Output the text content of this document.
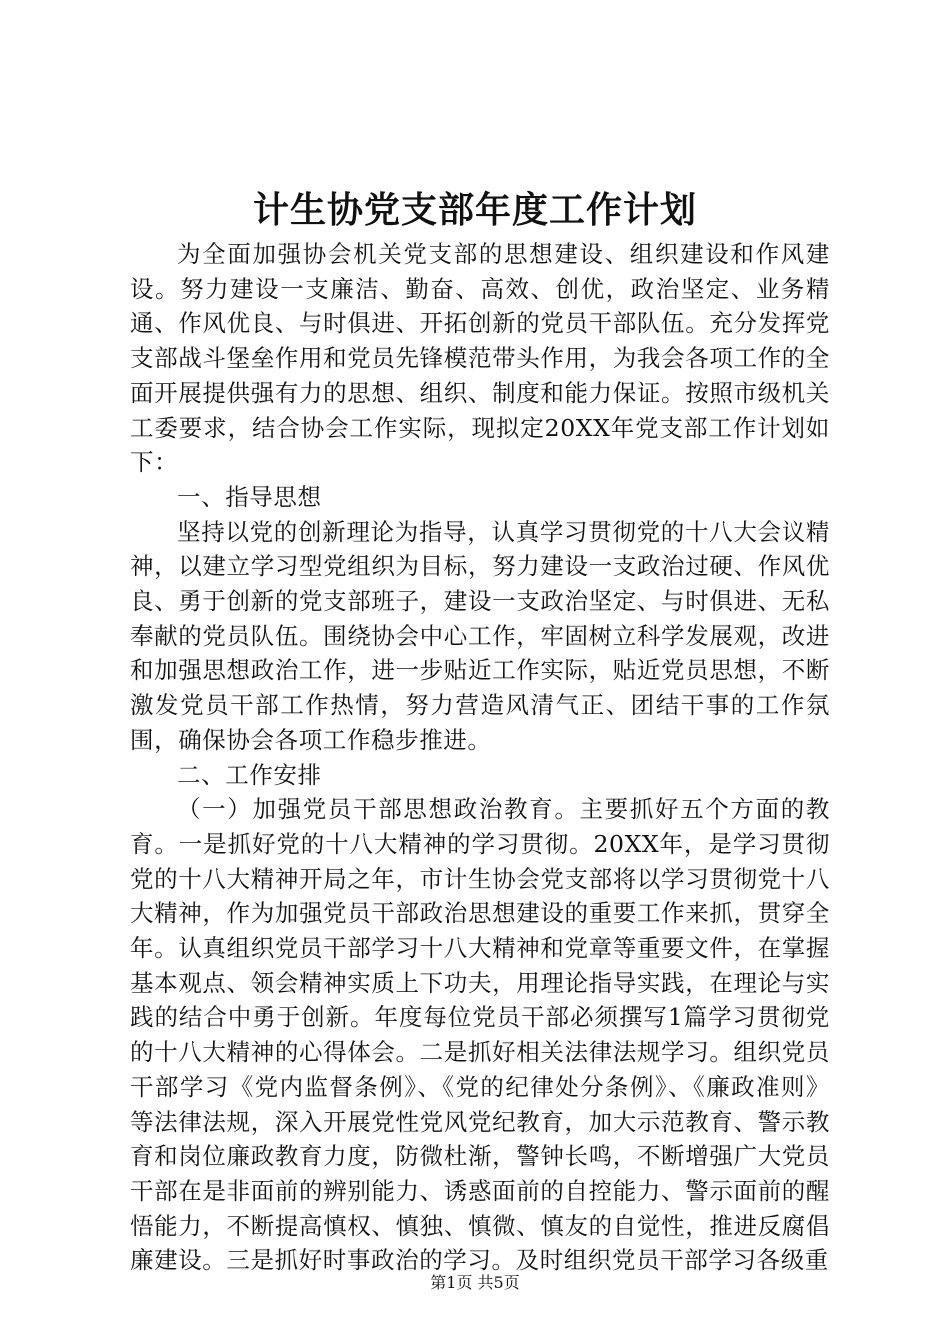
计生协党支部年度工作计划

为全面加强协会机关党支部的思想建设、组织建设和作风建设。努力建设一支廉洁、勤奋、高效、创优，政治坚定、业务精通、作风优良、与时俱进、开拓创新的党员干部队伍。充分发挥党支部战斗堡垒作用和党员先锋模范带头作用，为我会各项工作的全面开展提供强有力的思想、组织、制度和能力保证。按照市级机关工委要求，结合协会工作实际，现拟定20XX年党支部工作计划如下：

一、指导思想

坚持以党的创新理论为指导，认真学习贯彻党的十八大会议精神，以建立学习型党组织为目标，努力建设一支政治过硬、作风优良、勇于创新的党支部班子，建设一支政治坚定、与时俱进、无私奉献的党员队伍。围绕协会中心工作，牢固树立科学发展观，改进和加强思想政治工作，进一步贴近工作实际，贴近党员思想，不断激发党员干部工作热情，努力营造风清气正、团结干事的工作氛围，确保协会各项工作稳步推进。

二、工作安排

（一）加强党员干部思想政治教育。主要抓好五个方面的教育。一是抓好党的十八大精神的学习贯彻。20XX年，是学习贯彻党的十八大精神开局之年，市计生协会党支部将以学习贯彻党十八大精神，作为加强党员干部政治思想建设的重要工作来抓，贯穿全年。认真组织党员干部学习十八大精神和党章等重要文件，在掌握基本观点、领会精神实质上下功夫，用理论指导实践，在理论与实践的结合中勇于创新。年度每位党员干部必须撰写1篇学习贯彻党的十八大精神的心得体会。二是抓好相关法律法规学习。组织党员干部学习《党内监督条例》、《党的纪律处分条例》、《廉政准则》等法律法规，深入开展党性党风党纪教育，加大示范教育、警示教育和岗位廉政教育力度，防微杜渐，警钟长鸣，不断增强广大党员干部在是非面前的辨别能力、诱惑面前的自控能力、警示面前的醒悟能力，不断提高慎权、慎独、慎微、慎友的自觉性，推进反腐倡廉建设。三是抓好时事政治的学习。及时组织党员干部学习各级重

第1页 共5页
